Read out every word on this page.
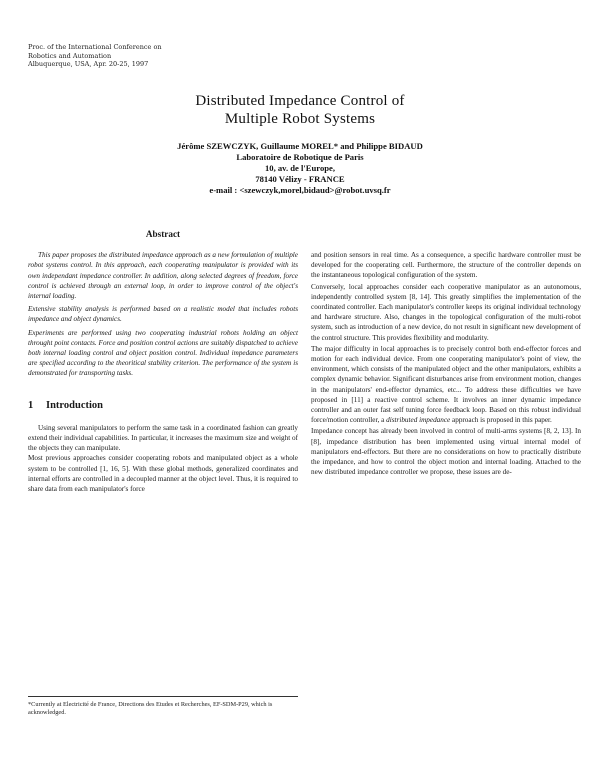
Proc. of the International Conference on
Robotics and Automation
Albuquerque, USA, Apr. 20-25, 1997
Distributed Impedance Control of
Multiple Robot Systems
Jérôme SZEWCZYK, Guillaume MOREL* and Philippe BIDAUD
Laboratoire de Robotique de Paris
10, av. de l'Europe,
78140 Vélizy - FRANCE
e-mail : <szewczyk,morel,bidaud>@robot.uvsq.fr
Abstract

This paper proposes the distributed impedance approach as a new formulation of multiple robot systems control. In this approach, each cooperating manipulator is provided with its own independant impedance controller. In addition, along selected degrees of freedom, force control is achieved through an external loop, in order to improve control of the object's internal loading.

Extensive stability analysis is performed based on a realistic model that includes robots impedance and object dynamics.

Experiments are performed using two cooperating industrial robots holding an object throught point contacts. Force and position control actions are suitably dispatched to achieve both internal loading control and object position control. Individual impedance parameters are specified according to the theoritical stability criterion. The performance of the system is demonstrated for transporting tasks.

1 Introduction

Using several manipulators to perform the same task in a coordinated fashion can greatly extend their individual capabilities. In particular, it increases the maximum size and weight of the objects they can manipulate.

Most previous approaches consider cooperating robots and manipulated object as a whole system to be controlled [1, 16, 5]. With these global methods, generalized coordinates and internal efforts are controlled in a decoupled manner at the object level. Thus, it is required to share data from each manipulator's force

*Currently at Electricité de France, Directions des Etudes et Recherches, EF-SDM-P29, which is acknowledged.

and position sensors in real time. As a consequence, a specific hardware controller must be developed for the cooperating cell. Furthermore, the structure of the controller depends on the instantaneous topological configuration of the system.

Conversely, local approaches consider each cooperative manipulator as an autonomous, independently controlled system [8, 14]. This greatly simplifies the implementation of the coordinated controller. Each manipulator's controller keeps its original individual technology and hardware structure. Also, changes in the topological configuration of the multi-robot system, such as introduction of a new device, do not result in significant new development of the control structure. This provides flexibility and modularity.

The major difficulty in local approaches is to precisely control both end-effector forces and motion for each individual device. From one cooperating manipulator's point of view, the environment, which consists of the manipulated object and the other manipulators, exhibits a complex dynamic behavior. Significant disturbances arise from environment motion, changes in the manipulators' end-effector dynamics, etc... To address these difficulties we have proposed in [11] a reactive control scheme. It involves an inner dynamic impedance controller and an outer fast self tuning force feedback loop. Based on this robust individual force/motion controller, a distributed impedance approach is proposed in this paper.

Impedance concept has already been involved in control of multi-arms systems [8, 2, 13]. In [8], impedance distribution has been implemented using virtual internal model of manipulators end-effectors. But there are no considerations on how to practically distribute the impedance, and how to control the object motion and internal loading. Attached to the new distributed impedance controller we propose, these issues are de-
